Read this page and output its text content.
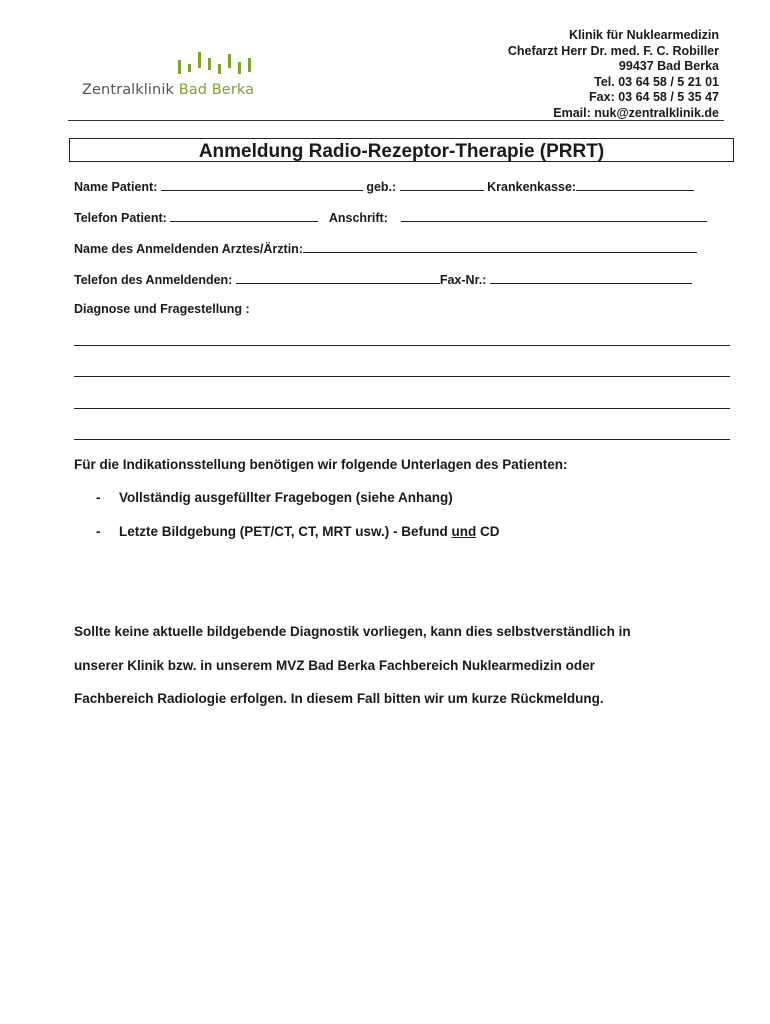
Zentralklinik Bad Berka
Klinik für Nuklearmedizin
Chefarzt Herr Dr. med. F. C. Robiller
99437 Bad Berka
Tel. 03 64 58 / 5 21 01
Fax: 03 64 58 / 5 35 47
Email: nuk@zentralklinik.de
Anmeldung Radio-Rezeptor-Therapie (PRRT)
Name Patient:	geb.:	Krankenkasse:
Telefon Patient:	Anschrift:
Name des Anmeldenden Arztes/Ärztin:
Telefon des Anmeldenden:	Fax-Nr.:
Diagnose und Fragestellung :
Für die Indikationsstellung benötigen wir folgende Unterlagen des Patienten:
- Vollständig ausgefüllter Fragebogen (siehe Anhang)
- Letzte Bildgebung (PET/CT, CT, MRT usw.) - Befund und CD
Sollte keine aktuelle bildgebende Diagnostik vorliegen, kann dies selbstverständlich in
unserer Klinik bzw. in unserem MVZ Bad Berka Fachbereich Nuklearmedizin oder
Fachbereich Radiologie erfolgen. In diesem Fall bitten wir um kurze Rückmeldung.
